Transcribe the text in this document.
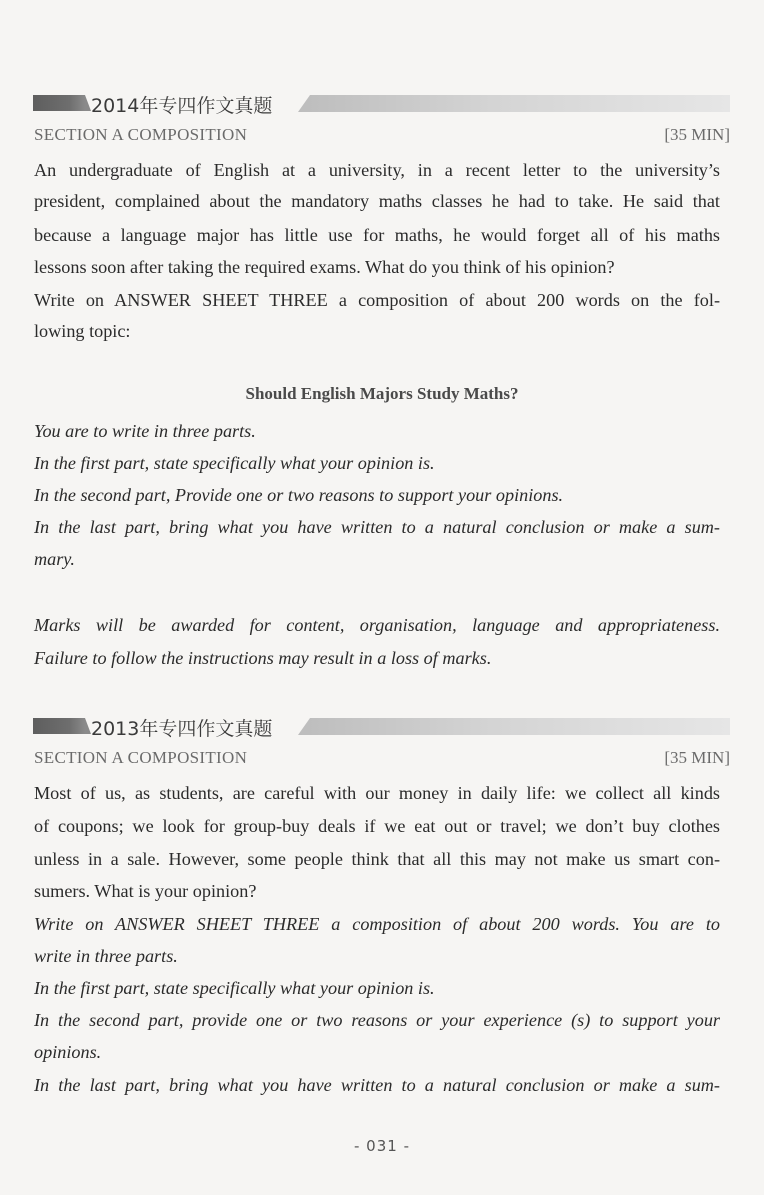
2014年专四作文真题
SECTION A COMPOSITION	[35 MIN]
An undergraduate of English at a university, in a recent letter to the university’s
president, complained about the mandatory maths classes he had to take. He said that
because a language major has little use for maths, he would forget all of his maths
lessons soon after taking the required exams. What do you think of his opinion?
Write on ANSWER SHEET THREE a composition of about 200 words on the fol-
lowing topic:
Should English Majors Study Maths?
You are to write in three parts.
In the first part, state specifically what your opinion is.
In the second part, Provide one or two reasons to support your opinions.
In the last part, bring what you have written to a natural conclusion or make a sum-
mary.
Marks will be awarded for content, organisation, language and appropriateness.
Failure to follow the instructions may result in a loss of marks.
2013年专四作文真题
SECTION A COMPOSITION	[35 MIN]
Most of us, as students, are careful with our money in daily life: we collect all kinds
of coupons; we look for group-buy deals if we eat out or travel; we don’t buy clothes
unless in a sale. However, some people think that all this may not make us smart con-
sumers. What is your opinion?
Write on ANSWER SHEET THREE a composition of about 200 words. You are to
write in three parts.
In the first part, state specifically what your opinion is.
In the second part, provide one or two reasons or your experience (s) to support your
opinions.
In the last part, bring what you have written to a natural conclusion or make a sum-
- 031 -
